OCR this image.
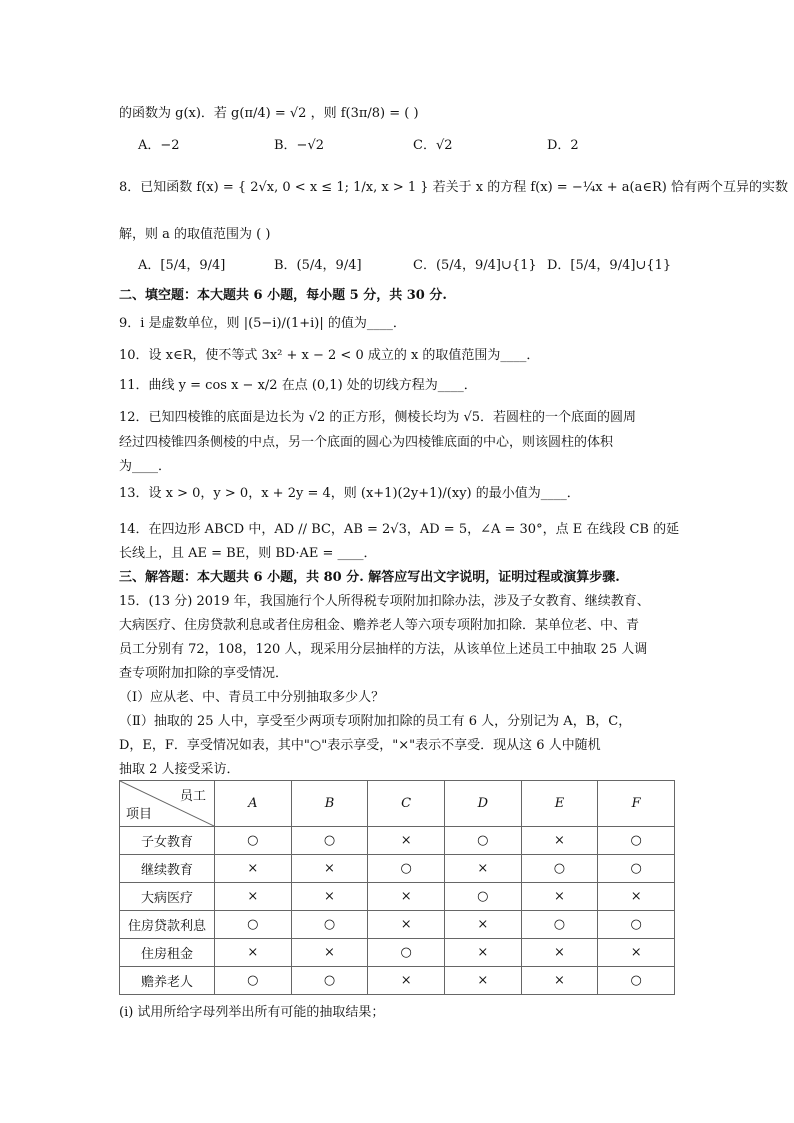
的函数为 g(x)．若 g(π/4) = √2 ，则 f(3π/8) = ( )
A．−2	B．−√2	C．√2	D．2
8．已知函数 f(x) = { 2√x, 0 < x ≤ 1; 1/x, x > 1 } 若关于 x 的方程 f(x) = −¼x + a(a∈R) 恰有两个互异的实数
解，则 a 的取值范围为 ( )
A．[5/4，9/4]	B．(5/4，9/4]	C．(5/4，9/4]∪{1} D．[5/4，9/4]∪{1}
二、填空题：本大题共 6 小题，每小题 5 分，共 30 分.
9．i 是虚数单位，则 |(5−i)/(1+i)| 的值为____．
10．设 x∈R，使不等式 3x² + x − 2 < 0 成立的 x 的取值范围为____．
11．曲线 y = cos x − x/2 在点 (0,1) 处的切线方程为____．
12．已知四棱锥的底面是边长为 √2 的正方形，侧棱长均为 √5．若圆柱的一个底面的圆周
经过四棱锥四条侧棱的中点，另一个底面的圆心为四棱锥底面的中心，则该圆柱的体积
为____．
13．设 x > 0，y > 0，x + 2y = 4，则 (x+1)(2y+1)/(xy) 的最小值为____．
14．在四边形 ABCD 中，AD // BC，AB = 2√3，AD = 5，∠A = 30°，点 E 在线段 CB 的延
长线上，且 AE = BE，则 BD·AE = ____．
三、解答题：本大题共 6 小题，共 80 分. 解答应写出文字说明，证明过程或演算步骤.
15．(13 分) 2019 年，我国施行个人所得税专项附加扣除办法，涉及子女教育、继续教育、
大病医疗、住房贷款利息或者住房租金、赡养老人等六项专项附加扣除．某单位老、中、青
员工分别有 72，108，120 人，现采用分层抽样的方法，从该单位上述员工中抽取 25 人调
查专项附加扣除的享受情况．
（Ⅰ）应从老、中、青员工中分别抽取多少人？
（Ⅱ）抽取的 25 人中，享受至少两项专项附加扣除的员工有 6 人，分别记为 A，B，C，
D，E，F．享受情况如表，其中"○"表示享受，"×"表示不享受．现从这 6 人中随机
抽取 2 人接受采访．
员工
项目	A	B	C	D	E	F
子女教育	○	○	×	○	×	○
继续教育	×	×	○	×	○	○
大病医疗	×	×	×	○	×	×
住房贷款利息	○	○	×	×	○	○
住房租金	×	×	○	×	×	×
赡养老人	○	○	×	×	×	○
(i) 试用所给字母列举出所有可能的抽取结果；
